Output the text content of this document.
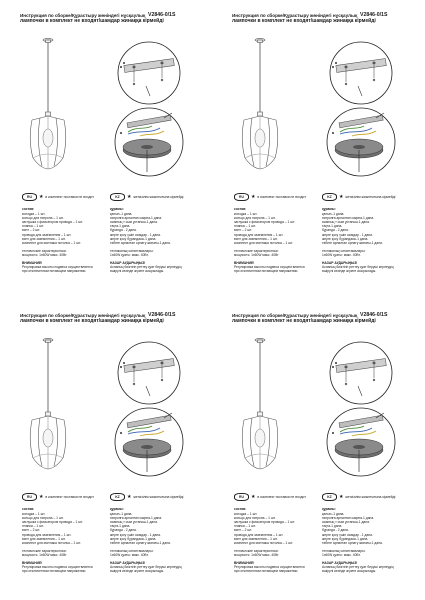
Инструкция по сборке/Құрастыру жөніндегі нұсқаулық V2846-0/1S
лампочки в комплект не входят/шамдар жинаққа кірмейді
RU ★ в комплект поставки не входит	KZ ★ жеткізілім жиынтығына кірмейді
состав:
колодка – 1 шт.
кольцо для патрона – 1 шт.
заглушка с фиксатором провода – 1 шт.
планка – 1 шт.
винт – 2 шт.
провода для заземления – 1 шт.
винт для заземления – 1 шт.
комплект для монтажа потолка – 1 шт.
технические характеристики:
мощность: 1x60W макс. 40Вт
ВНИМАНИЕ!
Регулировка высоты подвеса осуществляется
при отключенном питающем напряжении.
құрамы:
қалып–1 дана.
патронға арналған сақина-1 дана.
сымның т сым ұстағыш-1 дана.
тақта-1 дана.
бұранда - 2 дана.
жерге қосу үшін сымдар - 1 дана.
жерге қосу бұрандасы-1 дана.
төбеге арналған орнату жинағы-1 дана.
техникалық сипаттамалары:
1x60W қуаты: макс. 40Вт.
НАЗАР АУДАРЫҢЫЗ!
Аспаның биіктігін реттеу қуат беруші кернеудің
өшірулі кезінде жүзеге асырылады.
Инструкция по сборке/Құрастыру жөніндегі нұсқаулық V2846-0/1S
лампочки в комплект не входят/шамдар жинаққа кірмейді
RU ★ в комплект поставки не входит	KZ ★ жеткізілім жиынтығына кірмейді
состав:
колодка – 1 шт.
кольцо для патрона – 1 шт.
заглушка с фиксатором провода – 1 шт.
планка – 1 шт.
винт – 2 шт.
провода для заземления – 1 шт.
винт для заземления – 1 шт.
комплект для монтажа потолка – 1 шт.
технические характеристики:
мощность: 1x60W макс. 40Вт
ВНИМАНИЕ!
Регулировка высоты подвеса осуществляется
при отключенном питающем напряжении.
құрамы:
қалып–1 дана.
патронға арналған сақина-1 дана.
сымның т сым ұстағыш-1 дана.
тақта-1 дана.
бұранда - 2 дана.
жерге қосу үшін сымдар - 1 дана.
жерге қосу бұрандасы-1 дана.
төбеге арналған орнату жинағы-1 дана.
техникалық сипаттамалары:
1x60W қуаты: макс. 40Вт.
НАЗАР АУДАРЫҢЫЗ!
Аспаның биіктігін реттеу қуат беруші кернеудің
өшірулі кезінде жүзеге асырылады.
Инструкция по сборке/Құрастыру жөніндегі нұсқаулық V2846-0/1S
лампочки в комплект не входят/шамдар жинаққа кірмейді
RU ★ в комплект поставки не входит	KZ ★ жеткізілім жиынтығына кірмейді
состав:
колодка – 1 шт.
кольцо для патрона – 1 шт.
заглушка с фиксатором провода – 1 шт.
планка – 1 шт.
винт – 2 шт.
провода для заземления – 1 шт.
винт для заземления – 1 шт.
комплект для монтажа потолка – 1 шт.
технические характеристики:
мощность: 1x60W макс. 40Вт
ВНИМАНИЕ!
Регулировка высоты подвеса осуществляется
при отключенном питающем напряжении.
құрамы:
қалып–1 дана.
патронға арналған сақина-1 дана.
сымның т сым ұстағыш-1 дана.
тақта-1 дана.
бұранда - 2 дана.
жерге қосу үшін сымдар - 1 дана.
жерге қосу бұрандасы-1 дана.
төбеге арналған орнату жинағы-1 дана.
техникалық сипаттамалары:
1x60W қуаты: макс. 40Вт.
НАЗАР АУДАРЫҢЫЗ!
Аспаның биіктігін реттеу қуат беруші кернеудің
өшірулі кезінде жүзеге асырылады.
Инструкция по сборке/Құрастыру жөніндегі нұсқаулық V2846-0/1S
лампочки в комплект не входят/шамдар жинаққа кірмейді
RU ★ в комплект поставки не входит	KZ ★ жеткізілім жиынтығына кірмейді
состав:
колодка – 1 шт.
кольцо для патрона – 1 шт.
заглушка с фиксатором провода – 1 шт.
планка – 1 шт.
винт – 2 шт.
провода для заземления – 1 шт.
винт для заземления – 1 шт.
комплект для монтажа потолка – 1 шт.
технические характеристики:
мощность: 1x60W макс. 40Вт
ВНИМАНИЕ!
Регулировка высоты подвеса осуществляется
при отключенном питающем напряжении.
құрамы:
қалып–1 дана.
патронға арналған сақина-1 дана.
сымның т сым ұстағыш-1 дана.
тақта-1 дана.
бұранда - 2 дана.
жерге қосу үшін сымдар - 1 дана.
жерге қосу бұрандасы-1 дана.
төбеге арналған орнату жинағы-1 дана.
техникалық сипаттамалары:
1x60W қуаты: макс. 40Вт.
НАЗАР АУДАРЫҢЫЗ!
Аспаның биіктігін реттеу қуат беруші кернеудің
өшірулі кезінде жүзеге асырылады.
